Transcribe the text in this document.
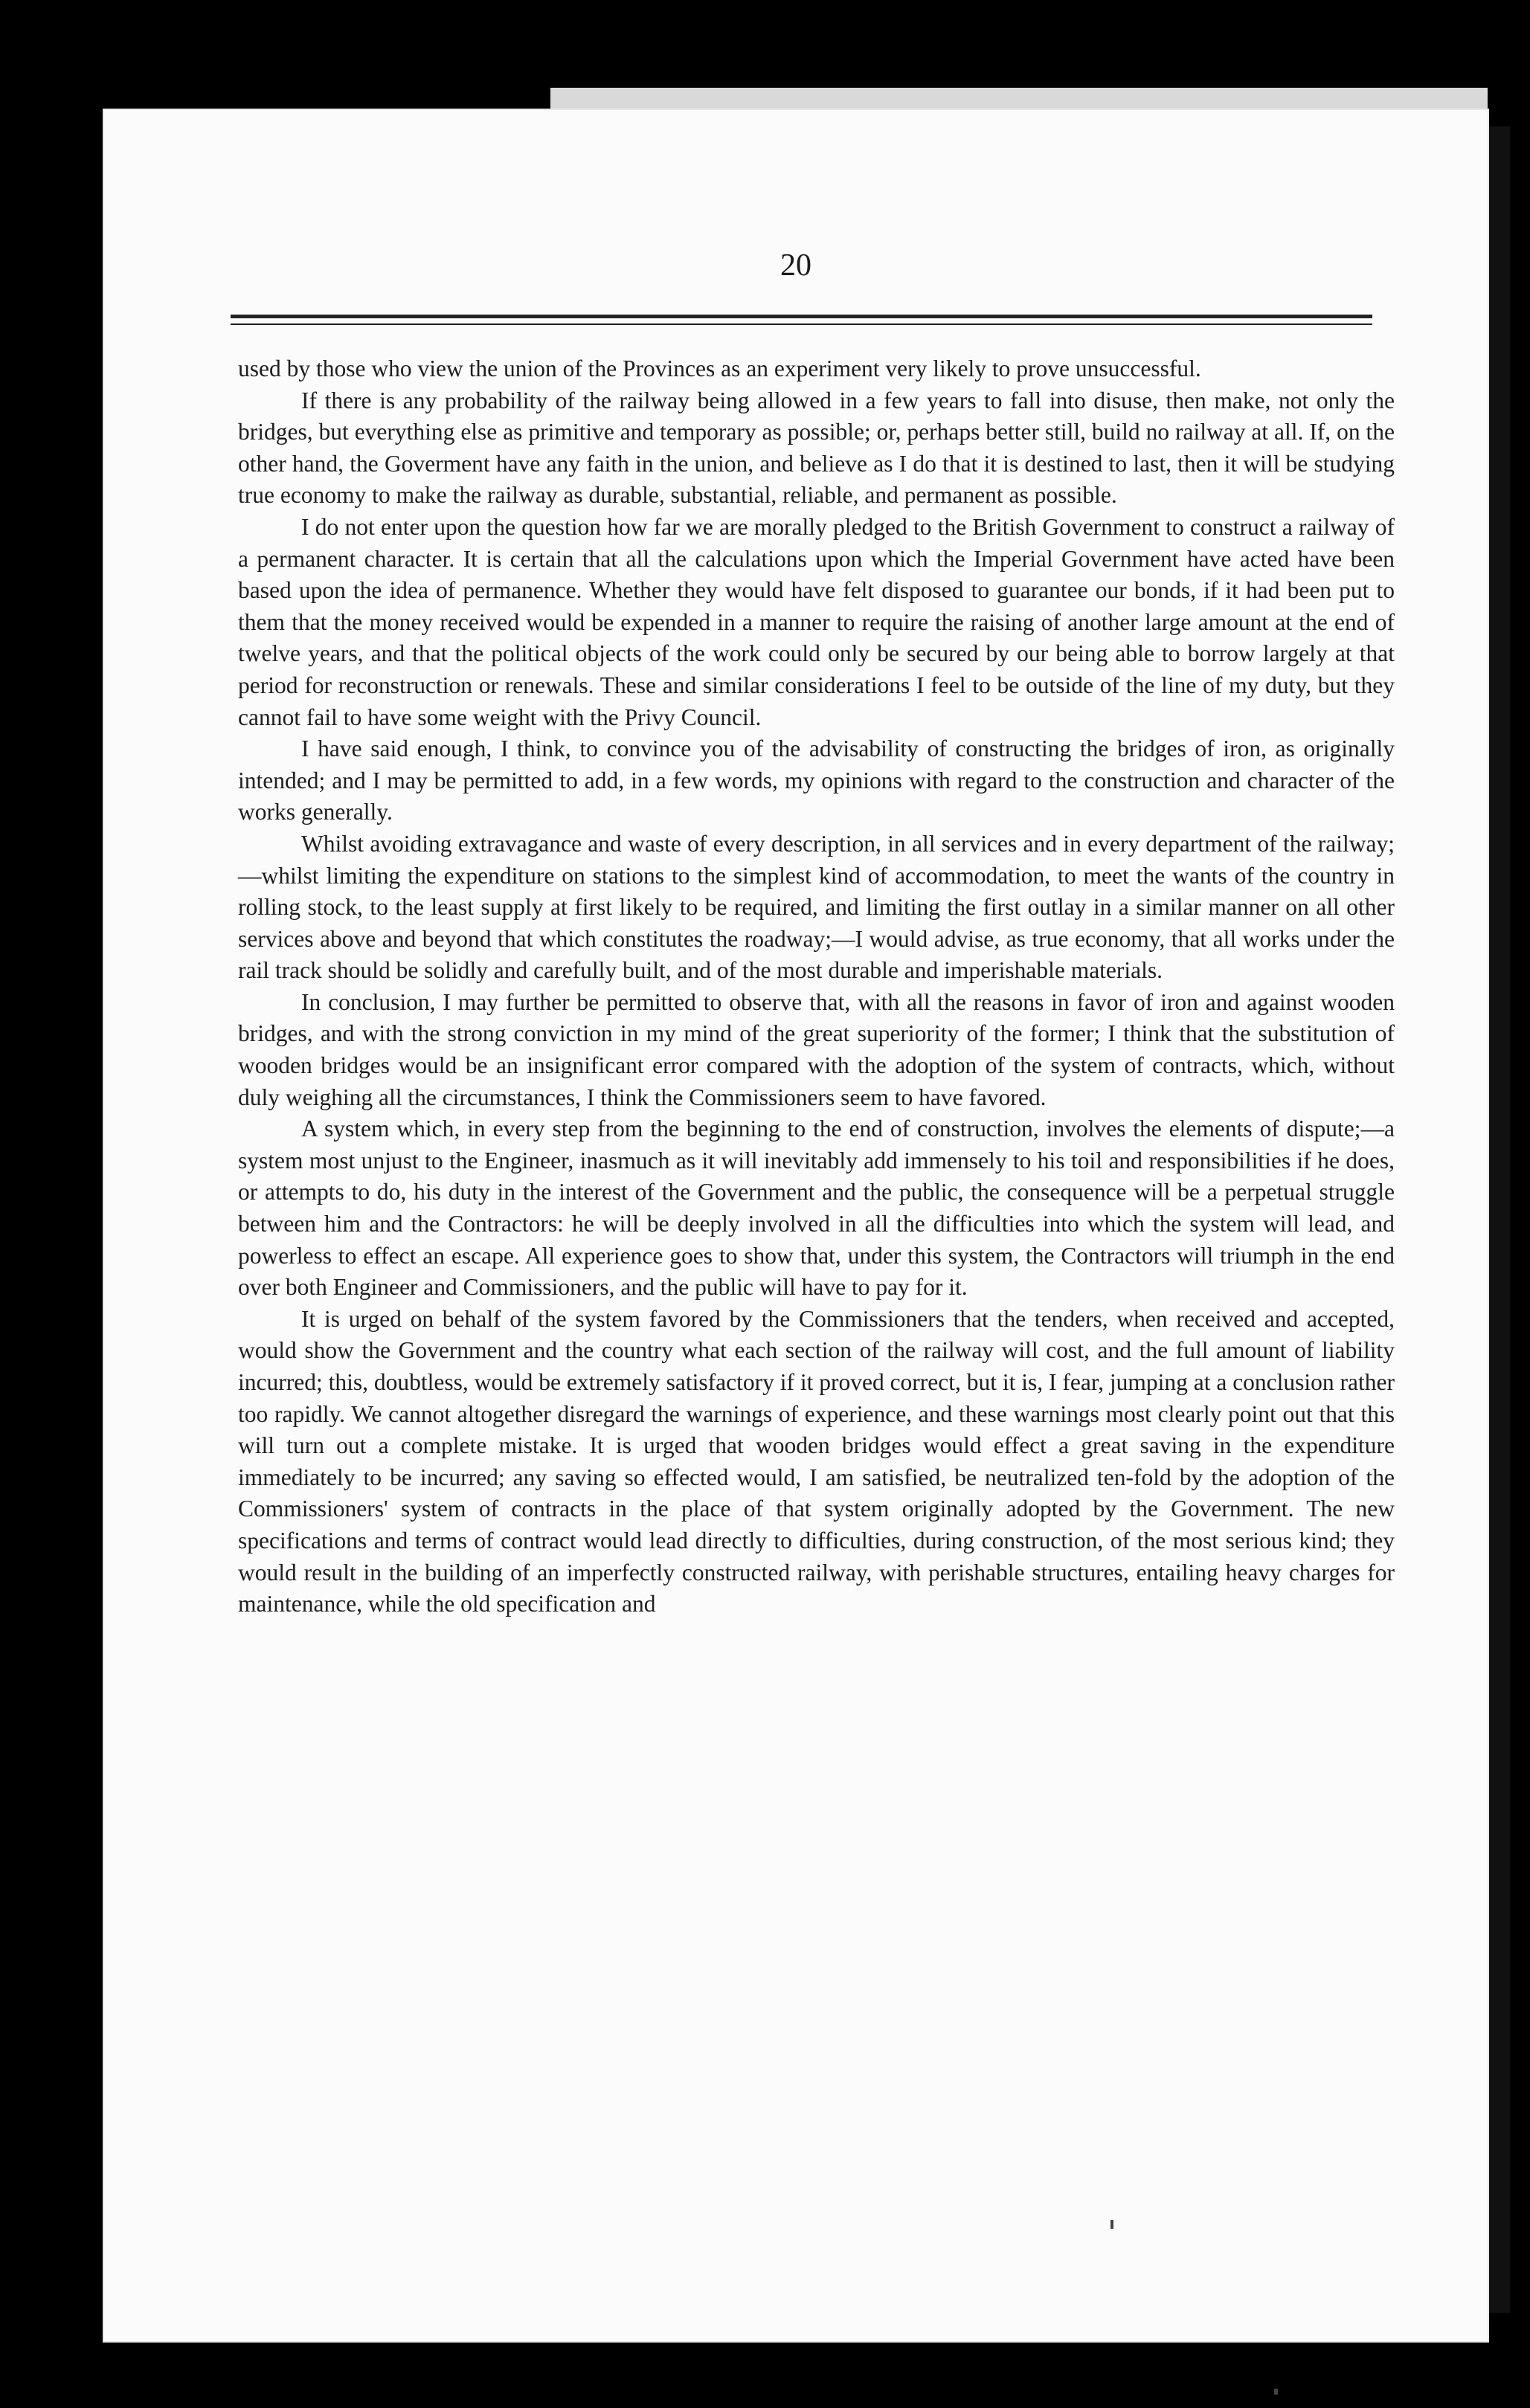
20

used by those who view the union of the Provinces as an experiment very likely to prove unsuccessful.

If there is any probability of the railway being allowed in a few years to fall into disuse, then make, not only the bridges, but everything else as primitive and temporary as possible; or, perhaps better still, build no railway at all. If, on the other hand, the Goverment have any faith in the union, and believe as I do that it is destined to last, then it will be studying true economy to make the railway as durable, substantial, reliable, and permanent as possible.

I do not enter upon the question how far we are morally pledged to the British Government to construct a railway of a permanent character. It is certain that all the calculations upon which the Imperial Government have acted have been based upon the idea of permanence. Whether they would have felt disposed to guarantee our bonds, if it had been put to them that the money received would be expended in a manner to require the raising of another large amount at the end of twelve years, and that the political objects of the work could only be secured by our being able to borrow largely at that period for reconstruction or renewals. These and similar considerations I feel to be outside of the line of my duty, but they cannot fail to have some weight with the Privy Council.

I have said enough, I think, to convince you of the advisability of constructing the bridges of iron, as originally intended; and I may be permitted to add, in a few words, my opinions with regard to the construction and character of the works generally.

Whilst avoiding extravagance and waste of every description, in all services and in every department of the railway;—whilst limiting the expenditure on stations to the simplest kind of accommodation, to meet the wants of the country in rolling stock, to the least supply at first likely to be required, and limiting the first outlay in a similar manner on all other services above and beyond that which constitutes the roadway;—I would advise, as true economy, that all works under the rail track should be solidly and carefully built, and of the most durable and imperishable materials.

In conclusion, I may further be permitted to observe that, with all the reasons in favor of iron and against wooden bridges, and with the strong conviction in my mind of the great superiority of the former; I think that the substitution of wooden bridges would be an insignificant error compared with the adoption of the system of contracts, which, without duly weighing all the circumstances, I think the Commissioners seem to have favored.

A system which, in every step from the beginning to the end of construction, involves the elements of dispute;—a system most unjust to the Engineer, inasmuch as it will inevitably add immensely to his toil and responsibilities if he does, or attempts to do, his duty in the interest of the Government and the public, the consequence will be a perpetual struggle between him and the Contractors: he will be deeply involved in all the difficulties into which the system will lead, and powerless to effect an escape. All experience goes to show that, under this system, the Contractors will triumph in the end over both Engineer and Commissioners, and the public will have to pay for it.

It is urged on behalf of the system favored by the Commissioners that the tenders, when received and accepted, would show the Government and the country what each section of the railway will cost, and the full amount of liability incurred; this, doubtless, would be extremely satisfactory if it proved correct, but it is, I fear, jumping at a conclusion rather too rapidly. We cannot altogether disregard the warnings of experience, and these warnings most clearly point out that this will turn out a complete mistake. It is urged that wooden bridges would effect a great saving in the expenditure immediately to be incurred; any saving so effected would, I am satisfied, be neutralized ten-fold by the adoption of the Commissioners' system of contracts in the place of that system originally adopted by the Government. The new specifications and terms of contract would lead directly to difficulties, during construction, of the most serious kind; they would result in the building of an imperfectly constructed railway, with perishable structures, entailing heavy charges for maintenance, while the old specification and
